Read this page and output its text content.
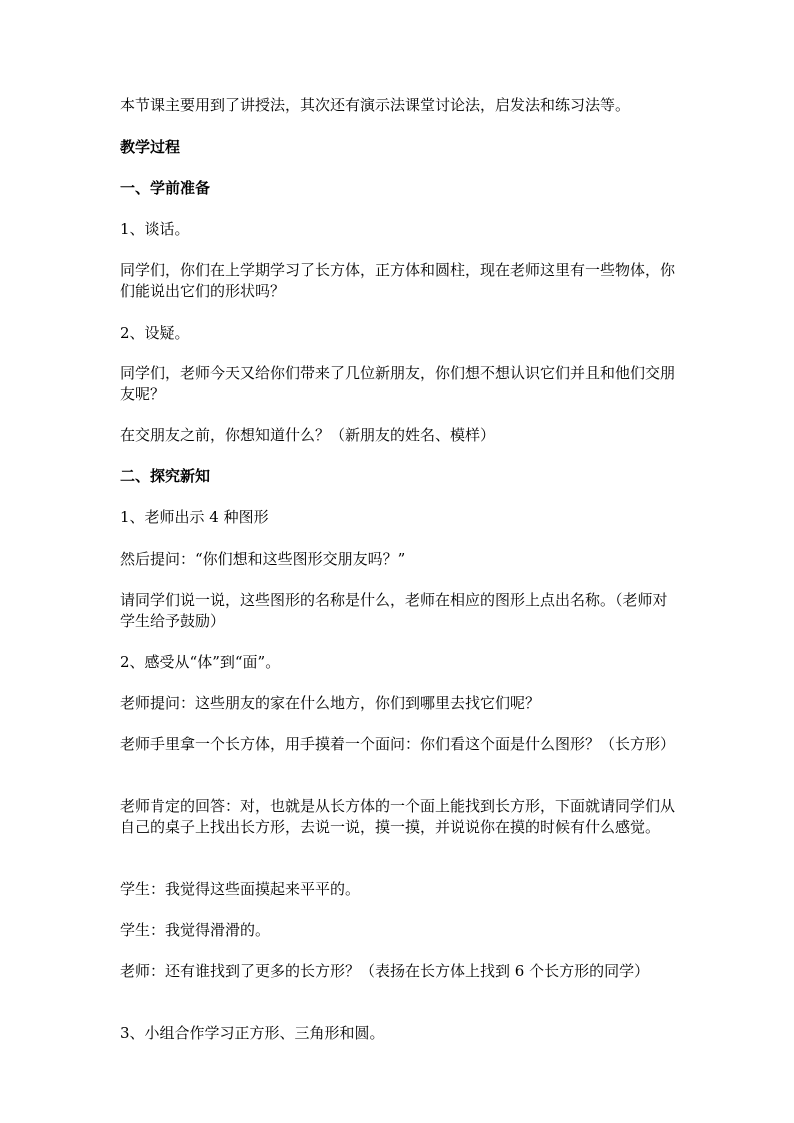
本节课主要用到了讲授法，其次还有演示法课堂讨论法，启发法和练习法等。

教学过程

一、学前准备

1、谈话。

同学们，你们在上学期学习了长方体，正方体和圆柱，现在老师这里有一些物体，你们能说出它们的形状吗？

2、设疑。

同学们，老师今天又给你们带来了几位新朋友，你们想不想认识它们并且和他们交朋友呢？

在交朋友之前，你想知道什么？（新朋友的姓名、模样）

二、探究新知

1、老师出示 4 种图形

然后提问：“你们想和这些图形交朋友吗？”

请同学们说一说，这些图形的名称是什么，老师在相应的图形上点出名称。（老师对学生给予鼓励）

2、感受从“体”到“面”。

老师提问：这些朋友的家在什么地方，你们到哪里去找它们呢？

老师手里拿一个长方体，用手摸着一个面问：你们看这个面是什么图形？（长方形）

老师肯定的回答：对，也就是从长方体的一个面上能找到长方形，下面就请同学们从自己的桌子上找出长方形，去说一说，摸一摸，并说说你在摸的时候有什么感觉。

学生：我觉得这些面摸起来平平的。

学生：我觉得滑滑的。

老师：还有谁找到了更多的长方形？（表扬在长方体上找到 6 个长方形的同学）

3、小组合作学习正方形、三角形和圆。
